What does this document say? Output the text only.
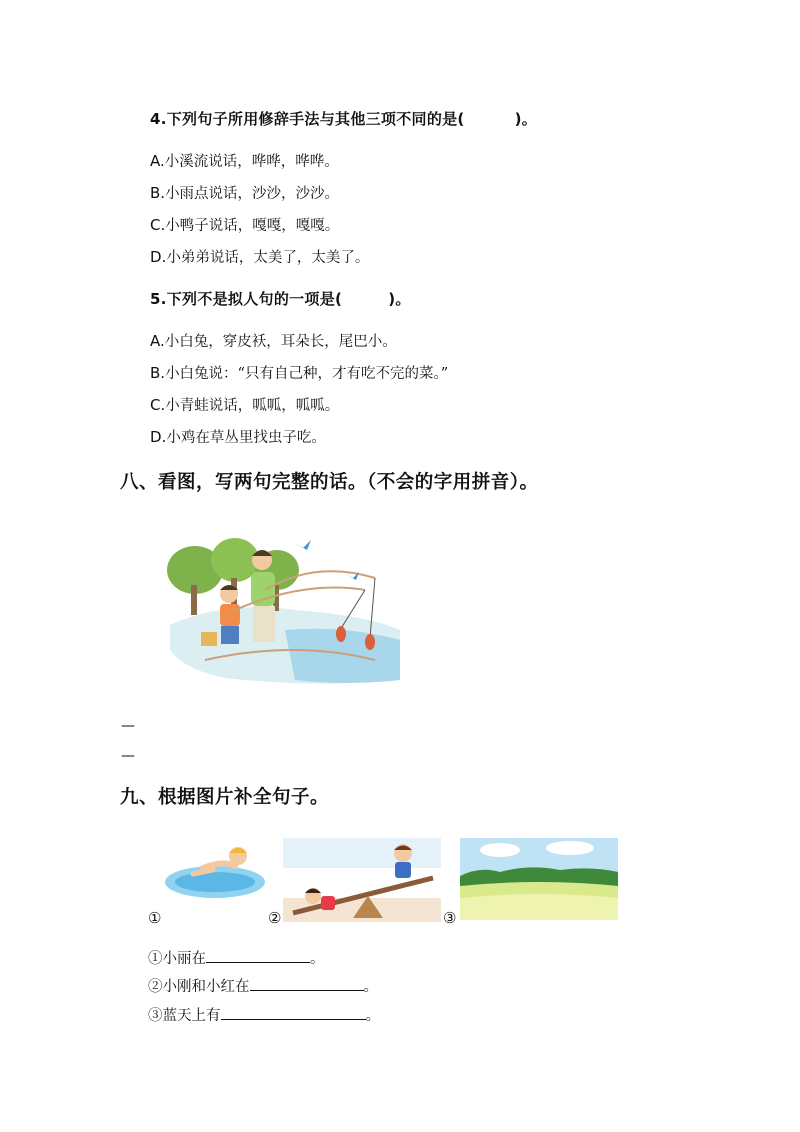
4.下列句子所用修辞手法与其他三项不同的是(	)。
A.小溪流说话，哗哗，哗哗。
B.小雨点说话，沙沙，沙沙。
C.小鸭子说话，嘎嘎，嘎嘎。
D.小弟弟说话，太美了，太美了。
5.下列不是拟人句的一项是(	)。
A.小白兔，穿皮袄，耳朵长，尾巴小。
B.小白兔说：“只有自己种，才有吃不完的菜。”
C.小青蛙说话，呱呱，呱呱。
D.小鸡在草丛里找虫子吃。
八、看图，写两句完整的话。（不会的字用拼音）。
—
—
九、根据图片补全句子。
①	②	③
①小丽在	。
②小刚和小红在	。
③蓝天上有	。
